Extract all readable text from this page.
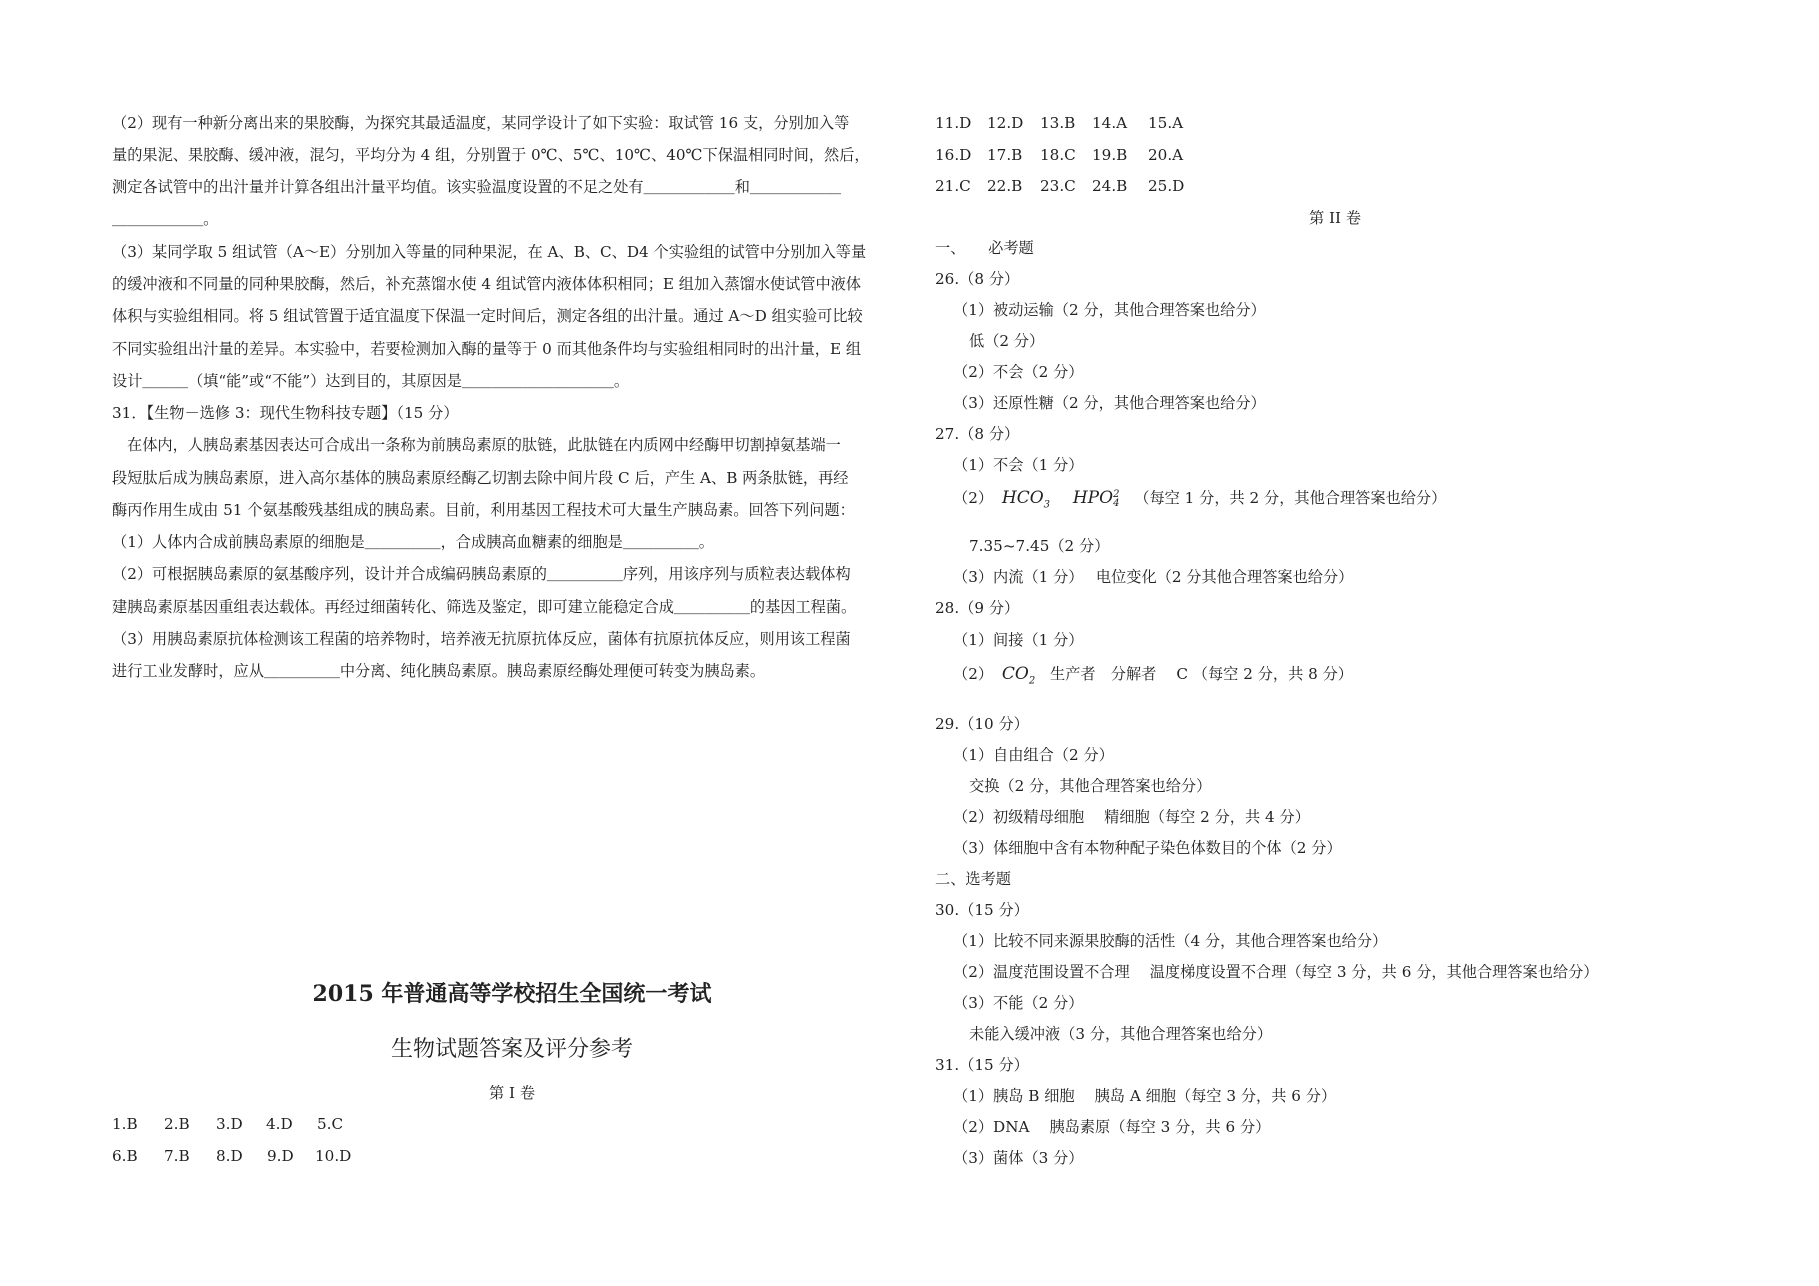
（2）现有一种新分离出来的果胶酶，为探究其最适温度，某同学设计了如下实验：取试管 16 支，分别加入等
量的果泥、果胶酶、缓冲液，混匀，平均分为 4 组，分别置于 0℃、5℃、10℃、40℃下保温相同时间，然后，
测定各试管中的出汁量并计算各组出汁量平均值。该实验温度设置的不足之处有＿＿＿＿＿＿和＿＿＿＿＿＿
＿＿＿＿＿＿。
（3）某同学取 5 组试管（A～E）分别加入等量的同种果泥，在 A、B、C、D4 个实验组的试管中分别加入等量
的缓冲液和不同量的同种果胶酶，然后，补充蒸馏水使 4 组试管内液体体积相同；E 组加入蒸馏水使试管中液体
体积与实验组相同。将 5 组试管置于适宜温度下保温一定时间后，测定各组的出汁量。通过 A～D 组实验可比较
不同实验组出汁量的差异。本实验中，若要检测加入酶的量等于 0 而其他条件均与实验组相同时的出汁量，E 组
设计＿＿＿（填“能”或“不能”）达到目的，其原因是＿＿＿＿＿＿＿＿＿＿。
31．【生物－选修 3：现代生物科技专题】（15 分）
在体内，人胰岛素基因表达可合成出一条称为前胰岛素原的肽链，此肽链在内质网中经酶甲切割掉氨基端一
段短肽后成为胰岛素原，进入高尔基体的胰岛素原经酶乙切割去除中间片段 C 后，产生 A、B 两条肽链，再经
酶丙作用生成由 51 个氨基酸残基组成的胰岛素。目前，利用基因工程技术可大量生产胰岛素。回答下列问题：
（1）人体内合成前胰岛素原的细胞是＿＿＿＿＿，合成胰高血糖素的细胞是＿＿＿＿＿。
（2）可根据胰岛素原的氨基酸序列，设计并合成编码胰岛素原的＿＿＿＿＿序列，用该序列与质粒表达载体构
建胰岛素原基因重组表达载体。再经过细菌转化、筛选及鉴定，即可建立能稳定合成＿＿＿＿＿的基因工程菌。
（3）用胰岛素原抗体检测该工程菌的培养物时，培养液无抗原抗体反应，菌体有抗原抗体反应，则用该工程菌
进行工业发酵时，应从＿＿＿＿＿中分离、纯化胰岛素原。胰岛素原经酶处理便可转变为胰岛素。
2015 年普通高等学校招生全国统一考试
生物试题答案及评分参考
第 I 卷
1.B 2.B 3.D 4.D 5.C
6.B 7.B 8.D 9.D 10.D
11.D 12.D 13.B 14.A 15.A
16.D 17.B 18.C 19.B 20.A
21.C 22.B 23.C 24.B 25.D
第 II 卷
一、　　必考题
26.（8 分）
（1）被动运输（2 分，其他合理答案也给分）
低（2 分）
（2）不会（2 分）
（3）还原性糖（2 分，其他合理答案也给分）
27.（8 分）
（1）不会（1 分）
（2） $HCO_3$ HPO 2
4 （每空 1 分，共 2 分，其他合理答案也给分）
7.35~7.45（2 分）
（3）内流（1 分）　 电位变化（2 分其他合理答案也给分）
28.（9 分）
（1）间接（1 分）
（2） $CO_2$ 生产者　分解者　 C （每空 2 分，共 8 分）
29.（10 分）
（1）自由组合（2 分）
交换（2 分，其他合理答案也给分）
（2）初级精母细胞　 精细胞（每空 2 分，共 4 分）
（3）体细胞中含有本物种配子染色体数目的个体（2 分）
二、选考题
30.（15 分）
（1）比较不同来源果胶酶的活性（4 分，其他合理答案也给分）
（2）温度范围设置不合理　 温度梯度设置不合理（每空 3 分，共 6 分，其他合理答案也给分）
（3）不能（2 分）
未能入缓冲液（3 分，其他合理答案也给分）
31.（15 分）
（1）胰岛 B 细胞　 胰岛 A 细胞（每空 3 分，共 6 分）
（2）DNA　 胰岛素原（每空 3 分，共 6 分）
（3）菌体（3 分）
